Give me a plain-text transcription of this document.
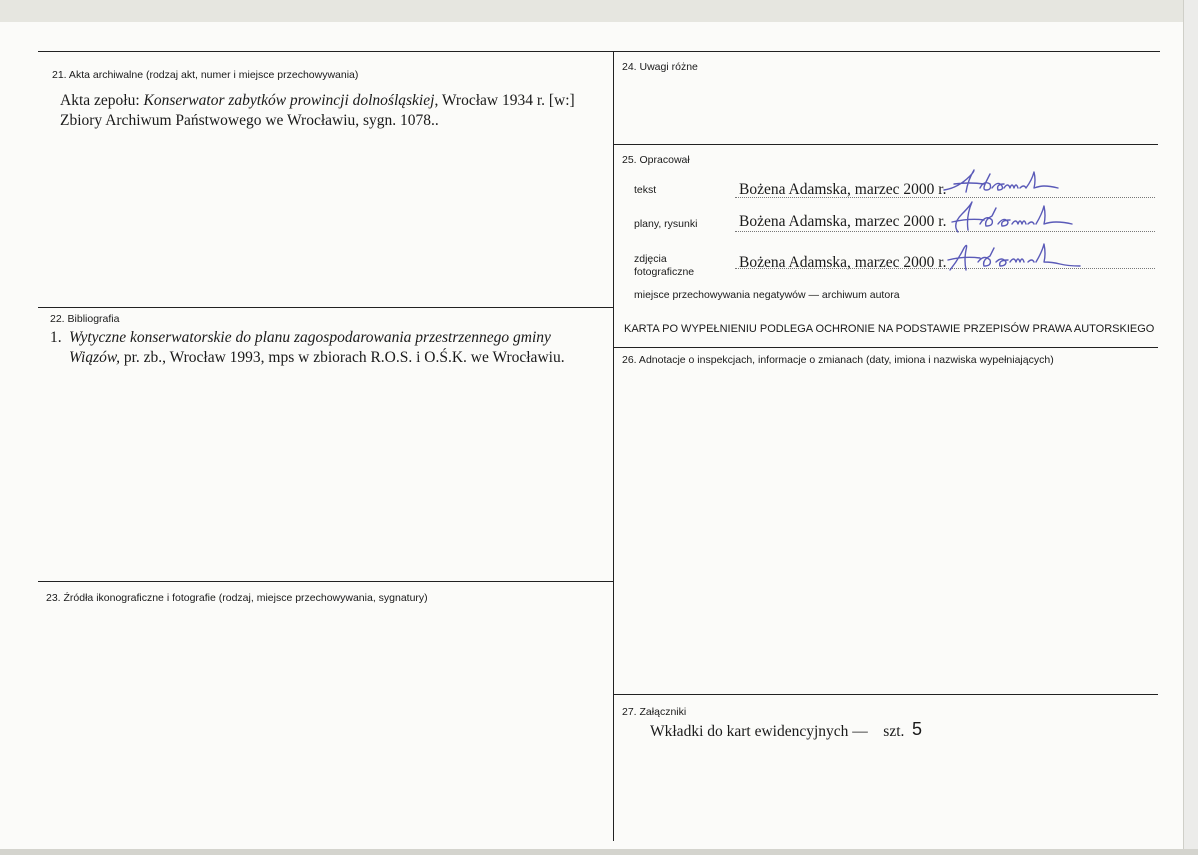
21. Akta archiwalne (rodzaj akt, numer i miejsce przechowywania)
Akta zepołu: Konserwator zabytków prowincji dolnośląskiej, Wrocław 1934 r. [w:]
Zbiory Archiwum Państwowego we Wrocławiu, sygn. 1078..
22. Bibliografia
1. Wytyczne konserwatorskie do planu zagospodarowania przestrzennego gminy
Wiązów, pr. zb., Wrocław 1993, mps w zbiorach R.O.S. i O.Ś.K. we Wrocławiu.
23. Źródła ikonograficzne i fotografie (rodzaj, miejsce przechowywania, sygnatury)
24. Uwagi różne
25. Opracował
tekst	Bożena Adamska, marzec 2000 r.
plany, rysunki	Bożena Adamska, marzec 2000 r.
zdjęcia
fotograficzne
Bożena Adamska, marzec 2000 r.
miejsce przechowywania negatywów — archiwum autora
KARTA PO WYPEŁNIENIU PODLEGA OCHRONIE NA PODSTAWIE PRZEPISÓW PRAWA AUTORSKIEGO
26. Adnotacje o inspekcjach, informacje o zmianach (daty, imiona i nazwiska wypełniających)
27. Załączniki
Wkładki do kart ewidencyjnych —    szt. 5
